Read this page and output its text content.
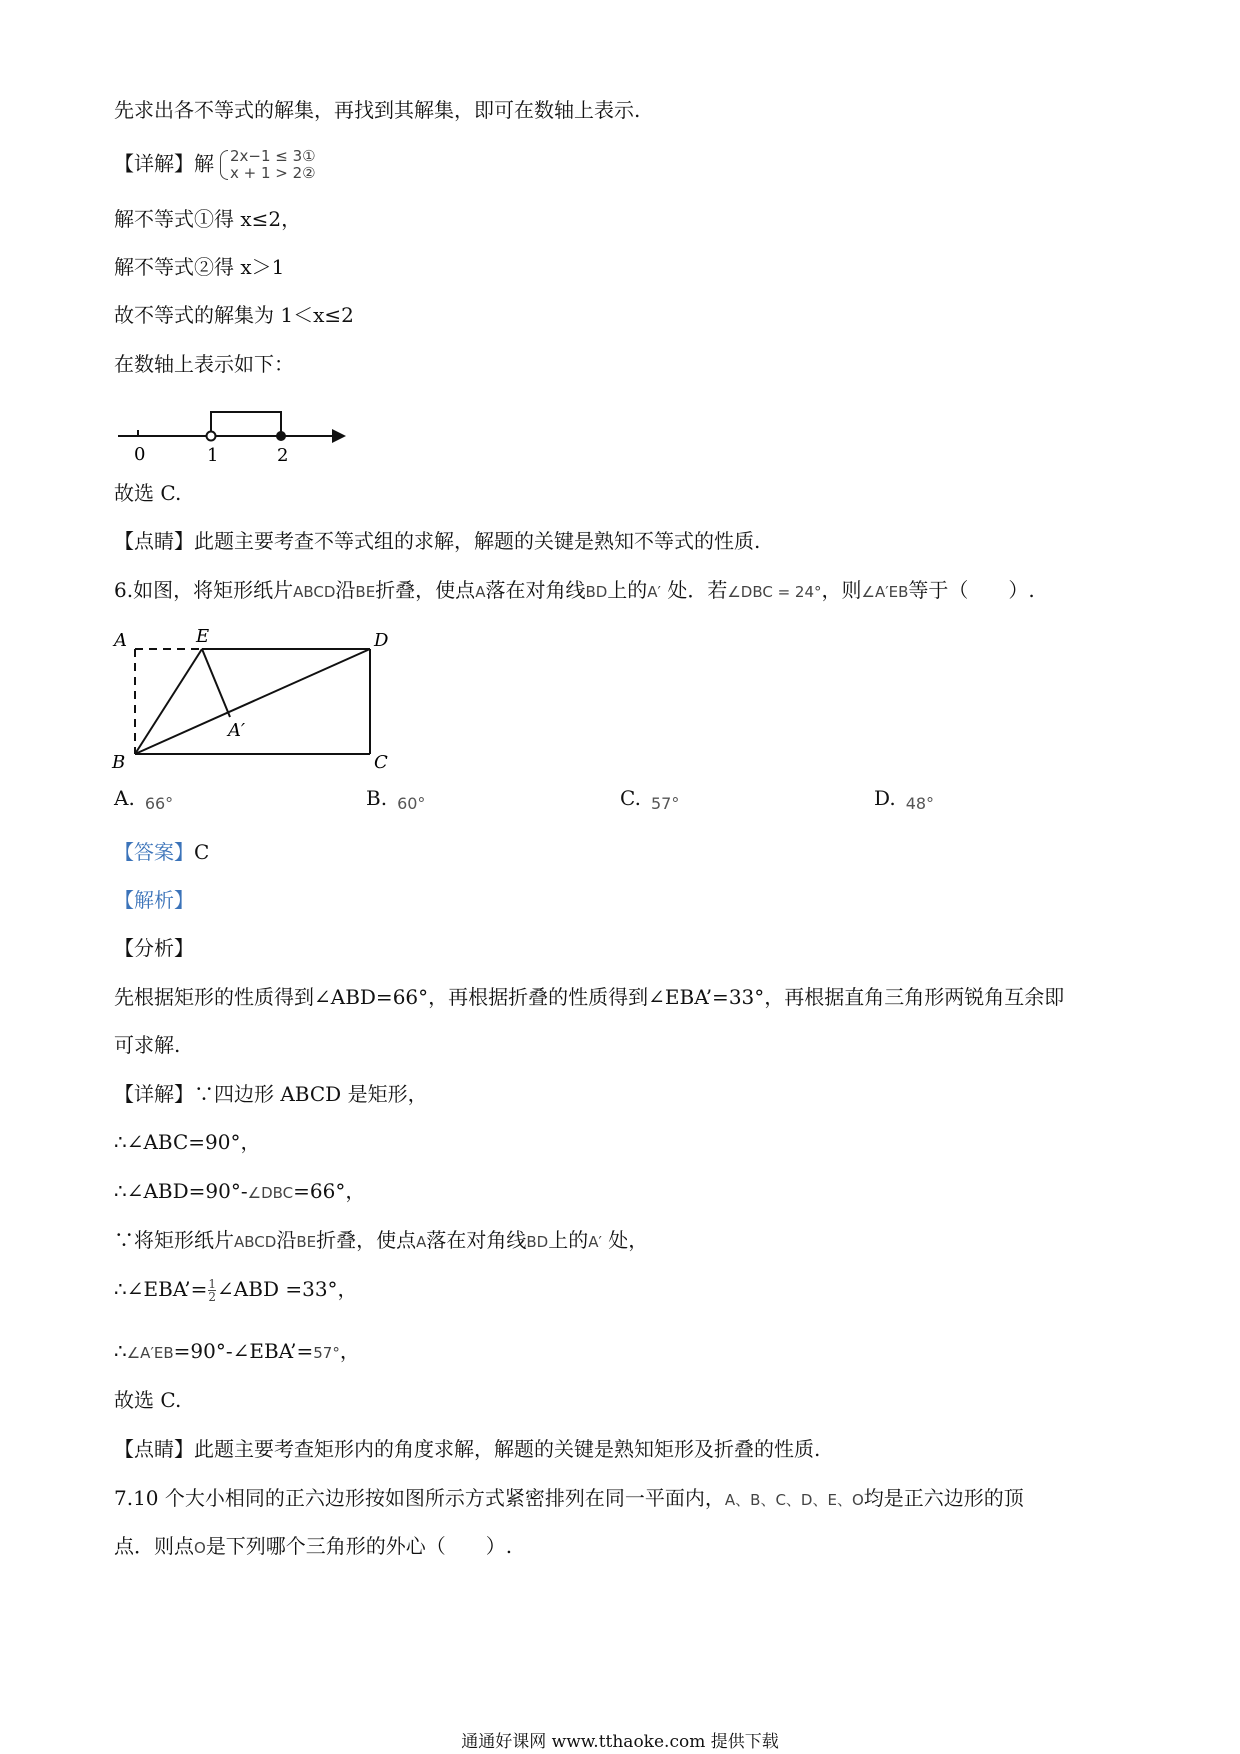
先求出各不等式的解集，再找到其解集，即可在数轴上表示.
【详解】解 2x−1 ≤ 3①
x + 1 > 2②
解不等式①得 x≤2，
解不等式②得 x＞1
故不等式的解集为 1＜x≤2
在数轴上表示如下：
0	1	2
故选 C.
【点睛】此题主要考查不等式组的求解，解题的关键是熟知不等式的性质.
6.如图，将矩形纸片ABCD沿BE折叠，使点A落在对角线BD上的A′ 处．若∠DBC = 24°，则∠A′EB等于（　　）.
A	E	D
A′
B	C
A. $_{66^\circ}$	B. $_{60^\circ}$	C. $_{57^\circ}$	D. $_{48^\circ}$
【答案】C
【解析】
【分析】
先根据矩形的性质得到∠ABD=66°，再根据折叠的性质得到∠EBA’=33°，再根据直角三角形两锐角互余即
可求解.
【详解】∵四边形 ABCD 是矩形，
∴∠ABC=90°，
∴∠ABD=90°-∠DBC=66°，
∵将矩形纸片ABCD沿BE折叠，使点A落在对角线BD上的A′ 处，
∴∠EBA’= $\frac{1}{2}$ ∠ABD =33°，
∴∠A′EB=90°-∠EBA’=57°，
故选 C.
【点睛】此题主要考查矩形内的角度求解，解题的关键是熟知矩形及折叠的性质.
7.10 个大小相同的正六边形按如图所示方式紧密排列在同一平面内，A、B、C、D、E、O均是正六边形的顶
点．则点O是下列哪个三角形的外心（　　）.
通通好课网 www.tthaoke.com 提供下载
